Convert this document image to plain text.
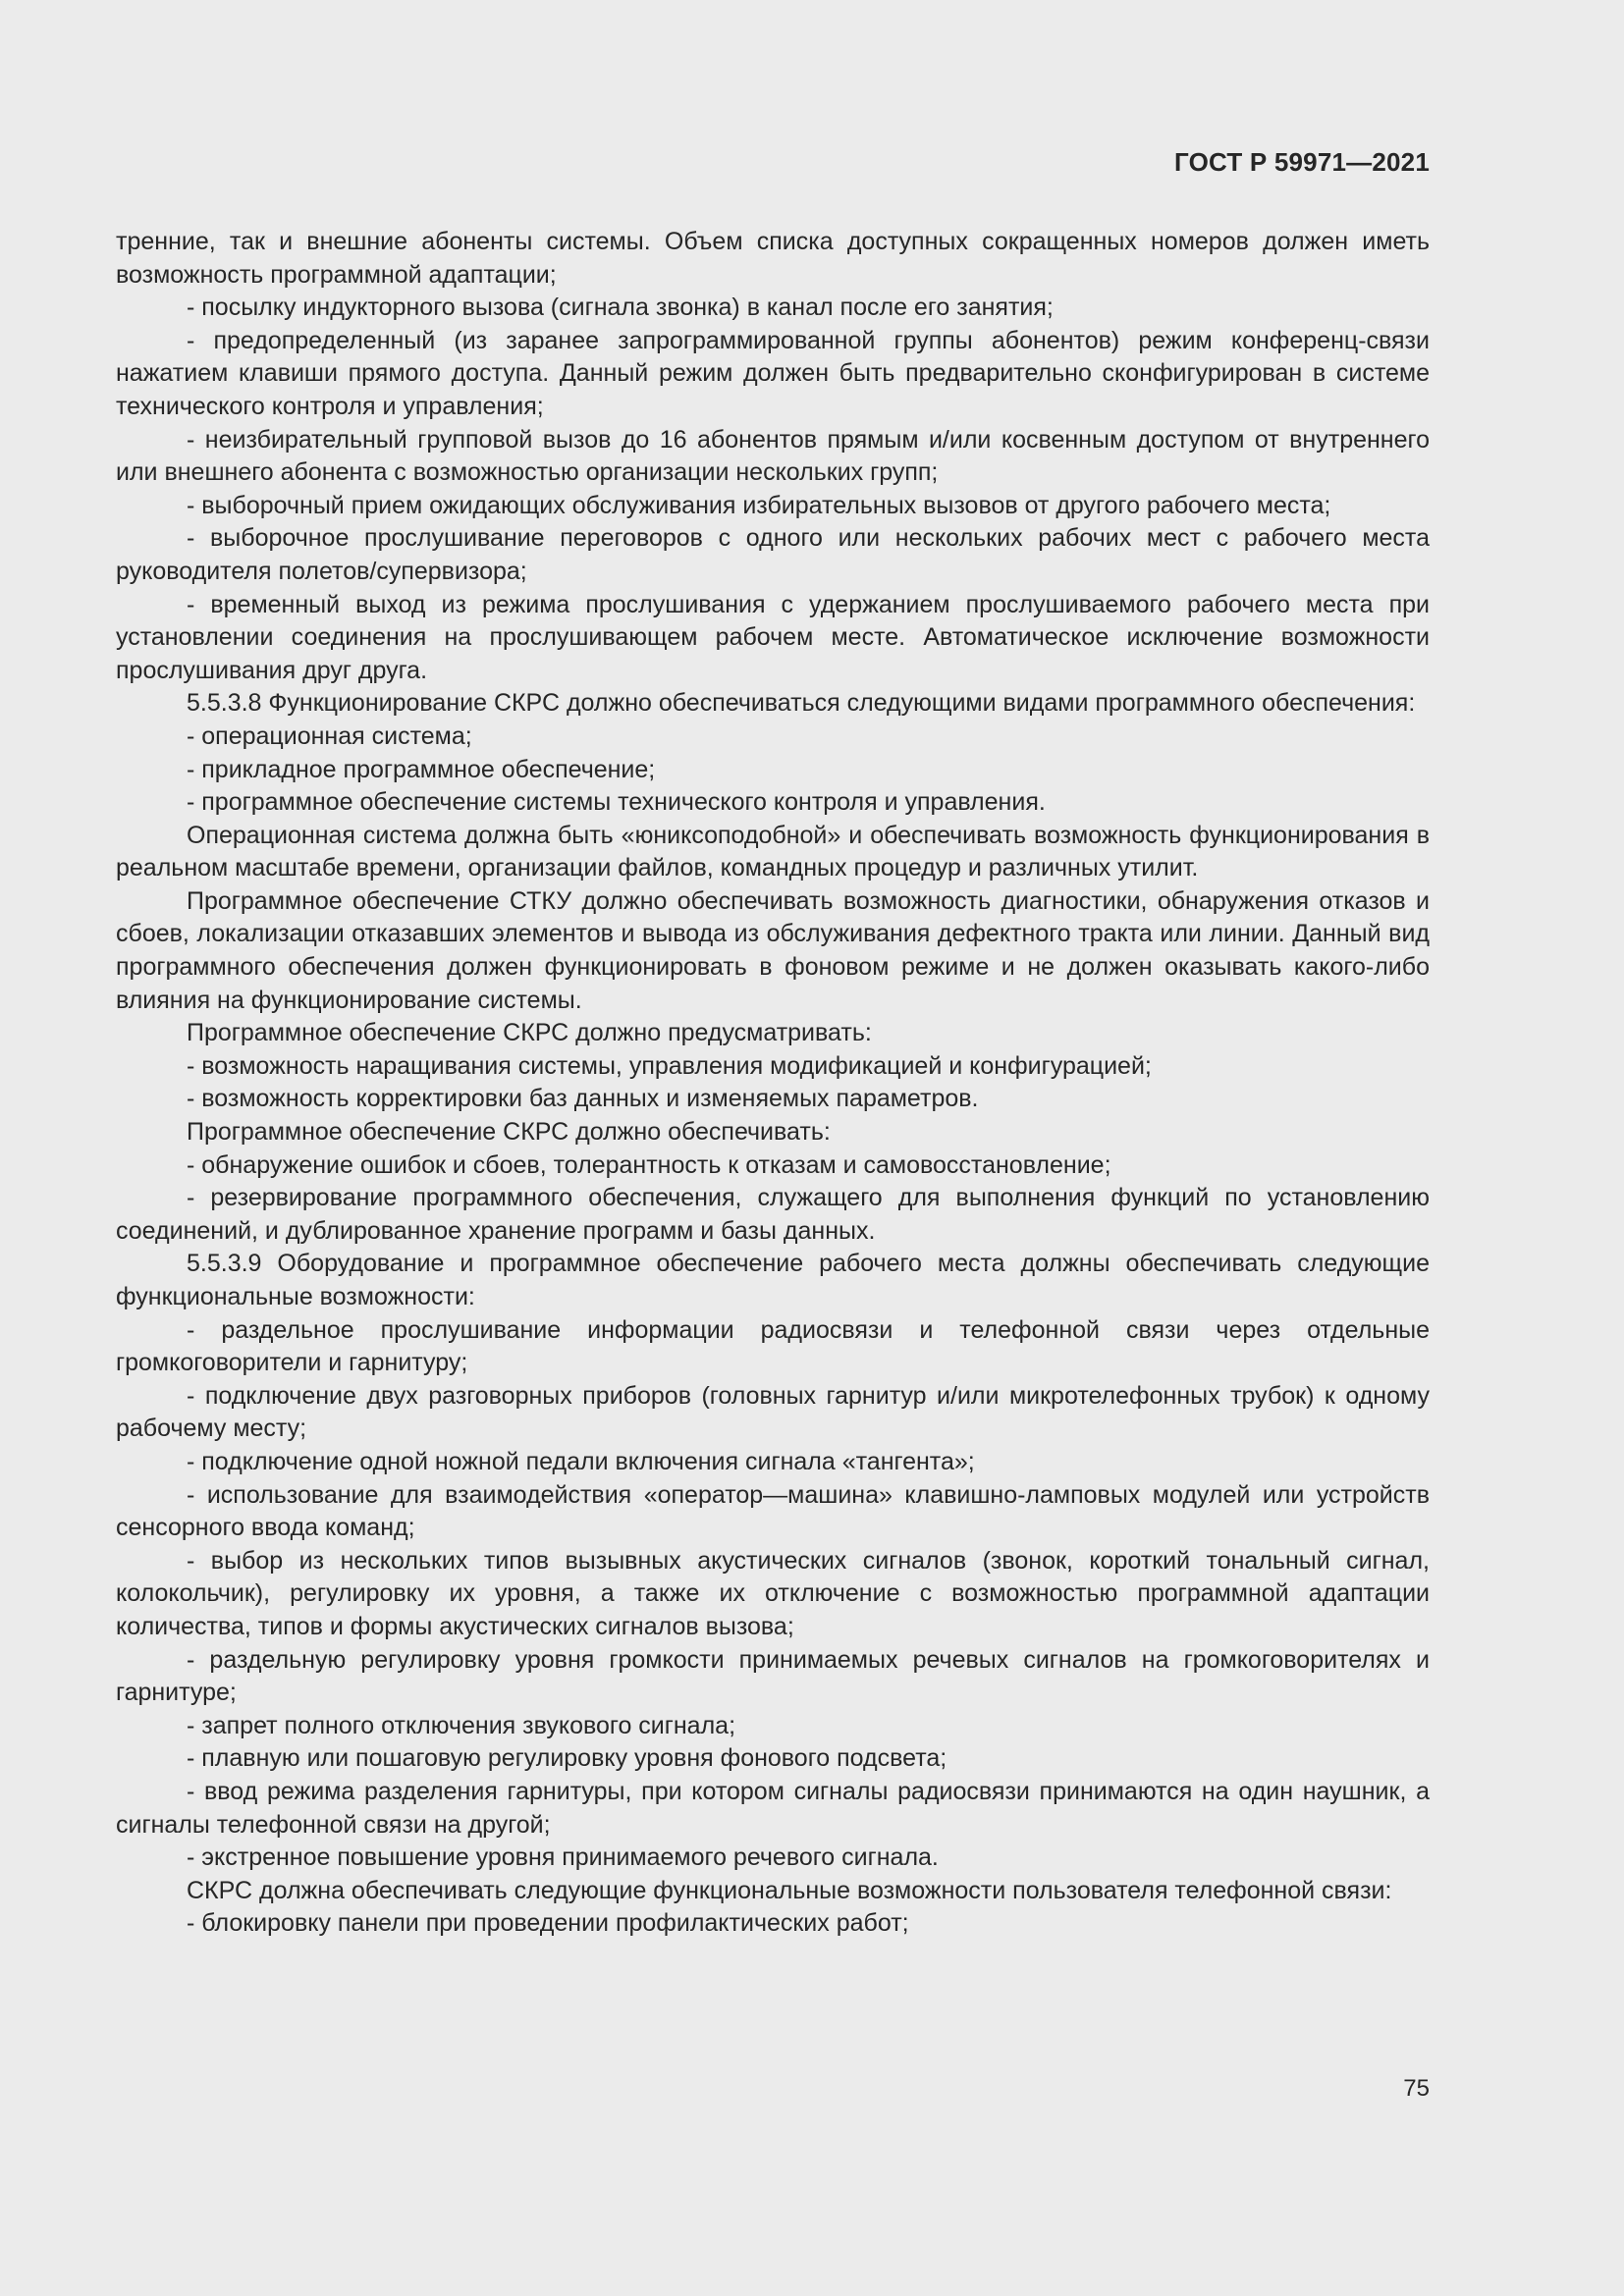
ГОСТ Р 59971—2021

тренние, так и внешние абоненты системы. Объем списка доступных сокращенных номеров должен иметь возможность программной адаптации;

- посылку индукторного вызова (сигнала звонка) в канал после его занятия;

- предопределенный (из заранее запрограммированной группы абонентов) режим конференц-связи нажатием клавиши прямого доступа. Данный режим должен быть предварительно сконфигурирован в системе технического контроля и управления;

- неизбирательный групповой вызов до 16 абонентов прямым и/или косвенным доступом от внутреннего или внешнего абонента с возможностью организации нескольких групп;

- выборочный прием ожидающих обслуживания избирательных вызовов от другого рабочего места;

- выборочное прослушивание переговоров с одного или нескольких рабочих мест с рабочего места руководителя полетов/супервизора;

- временный выход из режима прослушивания с удержанием прослушиваемого рабочего места при установлении соединения на прослушивающем рабочем месте. Автоматическое исключение возможности прослушивания друг друга.

5.5.3.8 Функционирование СКРС должно обеспечиваться следующими видами программного обеспечения:

- операционная система;

- прикладное программное обеспечение;

- программное обеспечение системы технического контроля и управления.

Операционная система должна быть «юниксоподобной» и обеспечивать возможность функционирования в реальном масштабе времени, организации файлов, командных процедур и различных утилит.

Программное обеспечение СТКУ должно обеспечивать возможность диагностики, обнаружения отказов и сбоев, локализации отказавших элементов и вывода из обслуживания дефектного тракта или линии. Данный вид программного обеспечения должен функционировать в фоновом режиме и не должен оказывать какого-либо влияния на функционирование системы.

Программное обеспечение СКРС должно предусматривать:

- возможность наращивания системы, управления модификацией и конфигурацией;

- возможность корректировки баз данных и изменяемых параметров.

Программное обеспечение СКРС должно обеспечивать:

- обнаружение ошибок и сбоев, толерантность к отказам и самовосстановление;

- резервирование программного обеспечения, служащего для выполнения функций по установлению соединений, и дублированное хранение программ и базы данных.

5.5.3.9 Оборудование и программное обеспечение рабочего места должны обеспечивать следующие функциональные возможности:

- раздельное прослушивание информации радиосвязи и телефонной связи через отдельные громкоговорители и гарнитуру;

- подключение двух разговорных приборов (головных гарнитур и/или микротелефонных трубок) к одному рабочему месту;

- подключение одной ножной педали включения сигнала «тангента»;

- использование для взаимодействия «оператор—машина» клавишно-ламповых модулей или устройств сенсорного ввода команд;

- выбор из нескольких типов вызывных акустических сигналов (звонок, короткий тональный сигнал, колокольчик), регулировку их уровня, а также их отключение с возможностью программной адаптации количества, типов и формы акустических сигналов вызова;

- раздельную регулировку уровня громкости принимаемых речевых сигналов на громкоговорителях и гарнитуре;

- запрет полного отключения звукового сигнала;

- плавную или пошаговую регулировку уровня фонового подсвета;

- ввод режима разделения гарнитуры, при котором сигналы радиосвязи принимаются на один наушник, а сигналы телефонной связи на другой;

- экстренное повышение уровня принимаемого речевого сигнала.

СКРС должна обеспечивать следующие функциональные возможности пользователя телефонной связи:

- блокировку панели при проведении профилактических работ;

75
